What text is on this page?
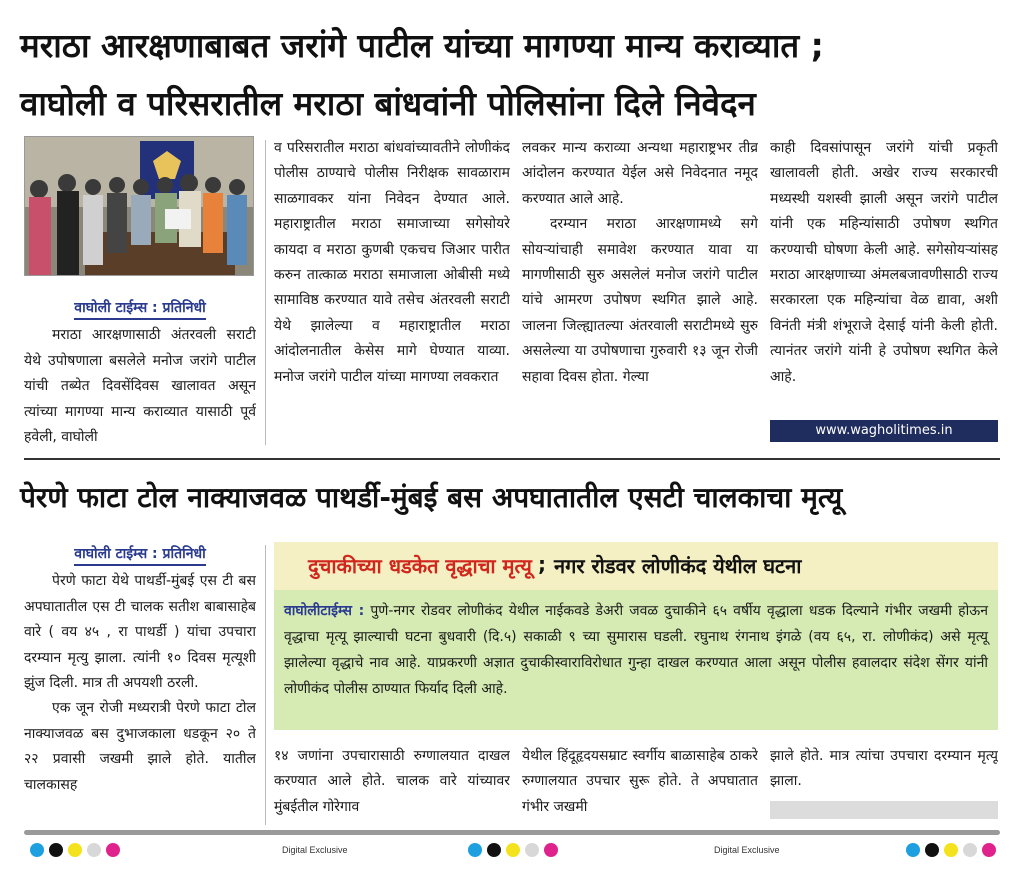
मराठा आरक्षणाबाबत जरांगे पाटील यांच्या मागण्या मान्य कराव्यात ;
वाघोली व परिसरातील मराठा बांधवांनी पोलिसांना दिले निवेदन
वाघोली टाईम्स : प्रतिनिधी
मराठा आरक्षणासाठी अंतरवली सराटी येथे उपोषणाला बसलेले मनोज जरांगे पाटील यांची तब्येत दिवसेंदिवस खालावत असून त्यांच्या मागण्या मान्य कराव्यात यासाठी पूर्व हवेली, वाघोली
व परिसरातील मराठा बांधवांच्यावतीने लोणीकंद पोलीस ठाण्याचे पोलीस निरीक्षक सावळाराम साळगावकर यांना निवेदन देण्यात आले. महाराष्ट्रातील मराठा समाजाच्या सगेसोयरे कायदा व मराठा कुणबी एकचच जिआर पारीत करुन तात्काळ मराठा समाजाला ओबीसी मध्ये सामाविष्ठ करण्यात यावे तसेच अंतरवली सराटी येथे झालेल्या व महाराष्ट्रातील मराठा आंदोलनातील केसेस मागे घेण्यात याव्या. मनोज जरांगे पाटील यांच्या मागण्या लवकरात
लवकर मान्य कराव्या अन्यथा महाराष्ट्रभर तीव्र आंदोलन करण्यात येईल असे निवेदनात नमूद करण्यात आले आहे.
दरम्यान मराठा आरक्षणामध्ये सगे सोयऱ्यांचाही समावेश करण्यात यावा या मागणीसाठी सुरु असलेलं मनोज जरांगे पाटील यांचे आमरण उपोषण स्थगित झाले आहे. जालना जिल्ह्यातल्या अंतरवाली सराटीमध्ये सुरु असलेल्या या उपोषणाचा गुरुवारी १३ जून रोजी सहावा दिवस होता. गेल्या
काही दिवसांपासून जरांगे यांची प्रकृती खालावली होती. अखेर राज्य सरकारची मध्यस्थी यशस्वी झाली असून जरांगे पाटील यांनी एक महिन्यांसाठी उपोषण स्थगित करण्याची घोषणा केली आहे. सगेसोयऱ्यांसह मराठा आरक्षणाच्या अंमलबजावणीसाठी राज्य सरकारला एक महिन्यांचा वेळ द्यावा, अशी विनंती मंत्री शंभूराजे देसाई यांनी केली होती. त्यानंतर जरांगे यांनी हे उपोषण स्थगित केले आहे.
www.wagholitimes.in
पेरणे फाटा टोल नाक्याजवळ पाथर्डी-मुंबई बस अपघातातील एसटी चालकाचा मृत्यू
वाघोली टाईम्स : प्रतिनिधी
पेरणे फाटा येथे पाथर्डी-मुंबई एस टी बस अपघातातील एस टी चालक सतीश बाबासाहेब वारे ( वय ४५ , रा पाथर्डी ) यांचा उपचारा दरम्यान मृत्यु झाला. त्यांनी १० दिवस मृत्यूशी झुंज दिली. मात्र ती अपयशी ठरली.
एक जून रोजी मध्यरात्री पेरणे फाटा टोल नाक्याजवळ बस दुभाजकाला धडकून २० ते २२ प्रवासी जखमी झाले होते. यातील चालकासह
दुचाकीच्या धडकेत वृद्धाचा मृत्यू ; नगर रोडवर लोणीकंद येथील घटना
वाघोलीटाईम्स : पुणे-नगर रोडवर लोणीकंद येथील नाईकवडे डेअरी जवळ दुचाकीने ६५ वर्षीय वृद्धाला धडक दिल्याने गंभीर जखमी होऊन वृद्धाचा मृत्यू झाल्याची घटना बुधवारी (दि.५) सकाळी ९ च्या सुमारास घडली. रघुनाथ रंगनाथ इंगळे (वय ६५, रा. लोणीकंद) असे मृत्यू झालेल्या वृद्धाचे नाव आहे. याप्रकरणी अज्ञात दुचाकीस्वाराविरोधात गुन्हा दाखल करण्यात आला असून पोलीस हवालदार संदेश सेंगर यांनी लोणीकंद पोलीस ठाण्यात फिर्याद दिली आहे.
१४ जणांना उपचारासाठी रुग्णालयात दाखल करण्यात आले होते. चालक वारे यांच्यावर मुंबईतील गोरेगाव
येथील हिंदूहृदयसम्राट स्वर्गीय बाळासाहेब ठाकरे रुग्णालयात उपचार सुरू होते. ते अपघातात गंभीर जखमी
झाले होते. मात्र त्यांचा उपचारा दरम्यान मृत्यू झाला.
Digital Exclusive	Digital Exclusive
